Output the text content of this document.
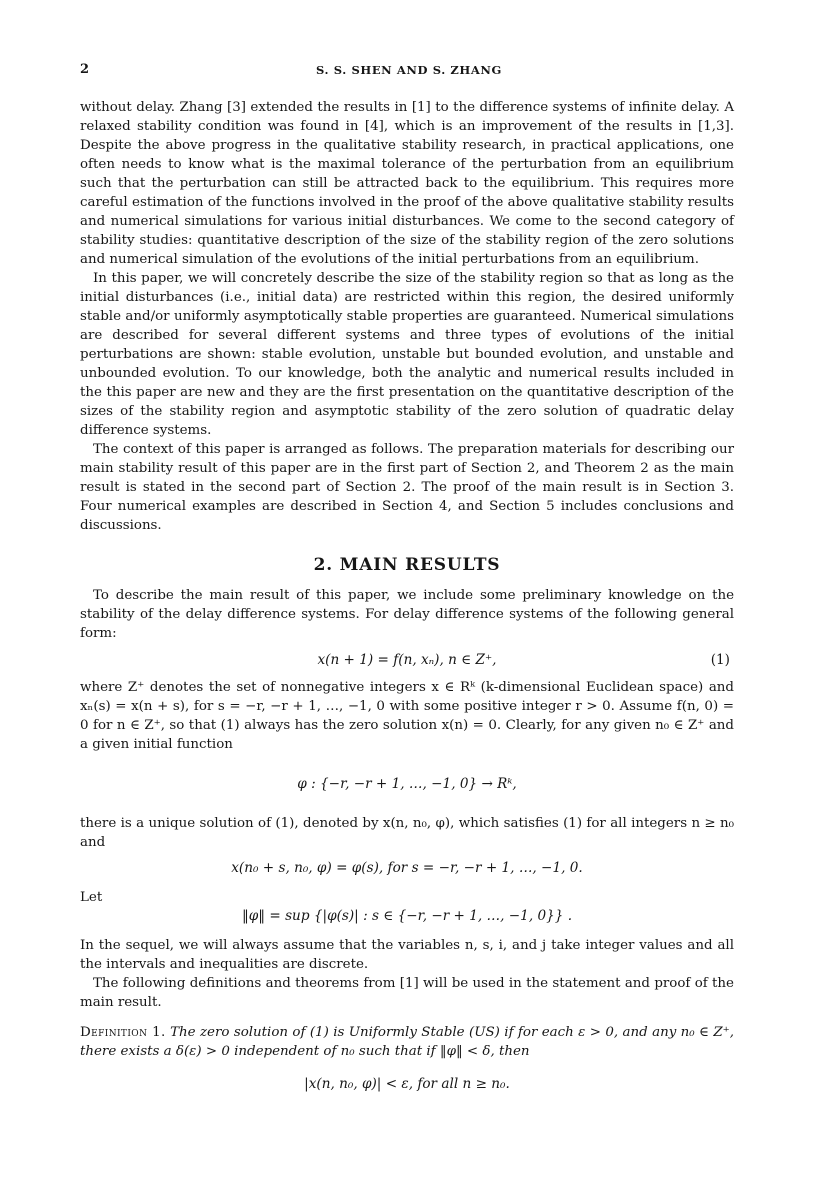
2	S. S. SHEN AND S. ZHANG

without delay. Zhang [3] extended the results in [1] to the difference systems of infinite delay. A relaxed stability condition was found in [4], which is an improvement of the results in [1,3]. Despite the above progress in the qualitative stability research, in practical applications, one often needs to know what is the maximal tolerance of the perturbation from an equilibrium such that the perturbation can still be attracted back to the equilibrium. This requires more careful estimation of the functions involved in the proof of the above qualitative stability results and numerical simulations for various initial disturbances. We come to the second category of stability studies: quantitative description of the size of the stability region of the zero solutions and numerical simulation of the evolutions of the initial perturbations from an equilibrium.

In this paper, we will concretely describe the size of the stability region so that as long as the initial disturbances (i.e., initial data) are restricted within this region, the desired uniformly stable and/or uniformly asymptotically stable properties are guaranteed. Numerical simulations are described for several different systems and three types of evolutions of the initial perturbations are shown: stable evolution, unstable but bounded evolution, and unstable and unbounded evolution. To our knowledge, both the analytic and numerical results included in the this paper are new and they are the first presentation on the quantitative description of the sizes of the stability region and asymptotic stability of the zero solution of quadratic delay difference systems.

The context of this paper is arranged as follows. The preparation materials for describing our main stability result of this paper are in the first part of Section 2, and Theorem 2 as the main result is stated in the second part of Section 2. The proof of the main result is in Section 3. Four numerical examples are described in Section 4, and Section 5 includes conclusions and discussions.

2. MAIN RESULTS

To describe the main result of this paper, we include some preliminary knowledge on the stability of the delay difference systems. For delay difference systems of the following general form:

x(n + 1) = f(n, xₙ), n ∈ Z⁺,	(1)

where Z⁺ denotes the set of nonnegative integers x ∈ Rᵏ (k-dimensional Euclidean space) and xₙ(s) = x(n + s), for s = −r, −r + 1, …, −1, 0 with some positive integer r > 0. Assume f(n, 0) = 0 for n ∈ Z⁺, so that (1) always has the zero solution x(n) = 0. Clearly, for any given n₀ ∈ Z⁺ and a given initial function

φ : {−r, −r + 1, …, −1, 0} → Rᵏ,

there is a unique solution of (1), denoted by x(n, n₀, φ), which satisfies (1) for all integers n ≥ n₀ and

x(n₀ + s, n₀, φ) = φ(s), for s = −r, −r + 1, …, −1, 0.

Let

‖φ‖ = sup {|φ(s)| : s ∈ {−r, −r + 1, …, −1, 0}} .

In the sequel, we will always assume that the variables n, s, i, and j take integer values and all the intervals and inequalities are discrete.

The following definitions and theorems from [1] will be used in the statement and proof of the main result.

Definition 1. The zero solution of (1) is Uniformly Stable (US) if for each ε > 0, and any n₀ ∈ Z⁺, there exists a δ(ε) > 0 independent of n₀ such that if ‖φ‖ < δ, then

|x(n, n₀, φ)| < ε, for all n ≥ n₀.
